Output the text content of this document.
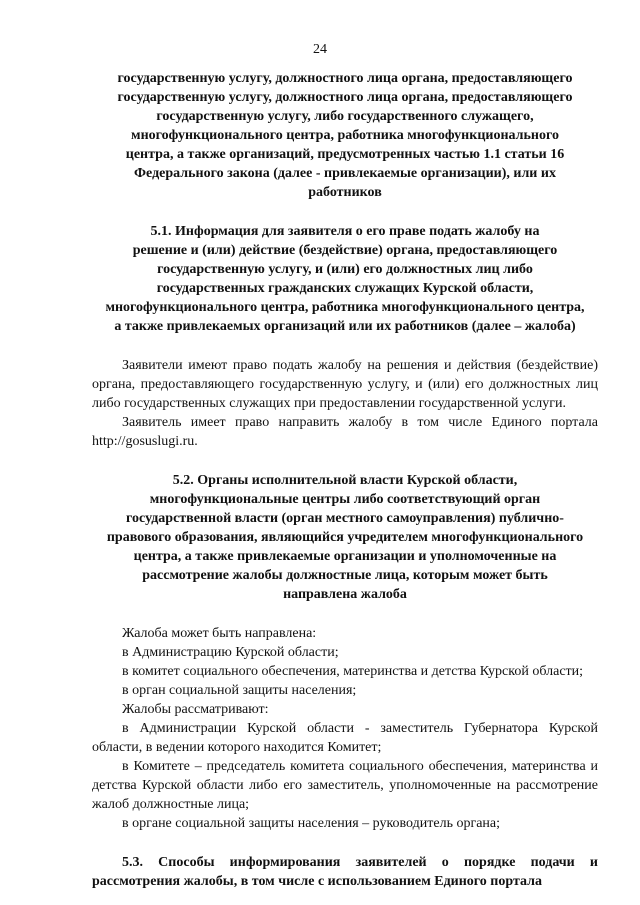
24
государственную услугу, должностного лица органа, предоставляющего
государственную услугу, должностного лица органа, предоставляющего
государственную услугу, либо государственного служащего,
многофункционального центра, работника многофункционального
центра, а также организаций, предусмотренных частью 1.1 статьи 16
Федерального закона (далее - привлекаемые организации), или их
работников
5.1. Информация для заявителя о его праве подать жалобу на
решение и (или) действие (бездействие) органа, предоставляющего
государственную услугу, и (или) его должностных лиц либо
государственных гражданских служащих Курской области,
многофункционального центра, работника многофункционального центра,
а также привлекаемых организаций или их работников (далее – жалоба)

Заявители имеют право подать жалобу на решения и действия (бездействие) органа, предоставляющего государственную услугу, и (или) его должностных лиц либо государственных служащих при предоставлении государственной услуги.

Заявитель имеет право направить жалобу в том числе Единого портала http://gosuslugi.ru.

5.2. Органы исполнительной власти Курской области,
многофункциональные центры либо соответствующий орган
государственной власти (орган местного самоуправления) публично-
правового образования, являющийся учредителем многофункционального
центра, а также привлекаемые организации и уполномоченные на
рассмотрение жалобы должностные лица, которым может быть
направлена жалоба

Жалоба может быть направлена:

в Администрацию Курской области;

в комитет социального обеспечения, материнства и детства Курской области;

в орган социальной защиты населения;

Жалобы рассматривают:

в Администрации Курской области - заместитель Губернатора Курской области, в ведении которого находится Комитет;

в Комитете – председатель комитета социального обеспечения, материнства и детства Курской области либо его заместитель, уполномоченные на рассмотрение жалоб должностные лица;

в органе социальной защиты населения – руководитель органа;

5.3. Способы информирования заявителей о порядке подачи и рассмотрения жалобы, в том числе с использованием Единого портала
